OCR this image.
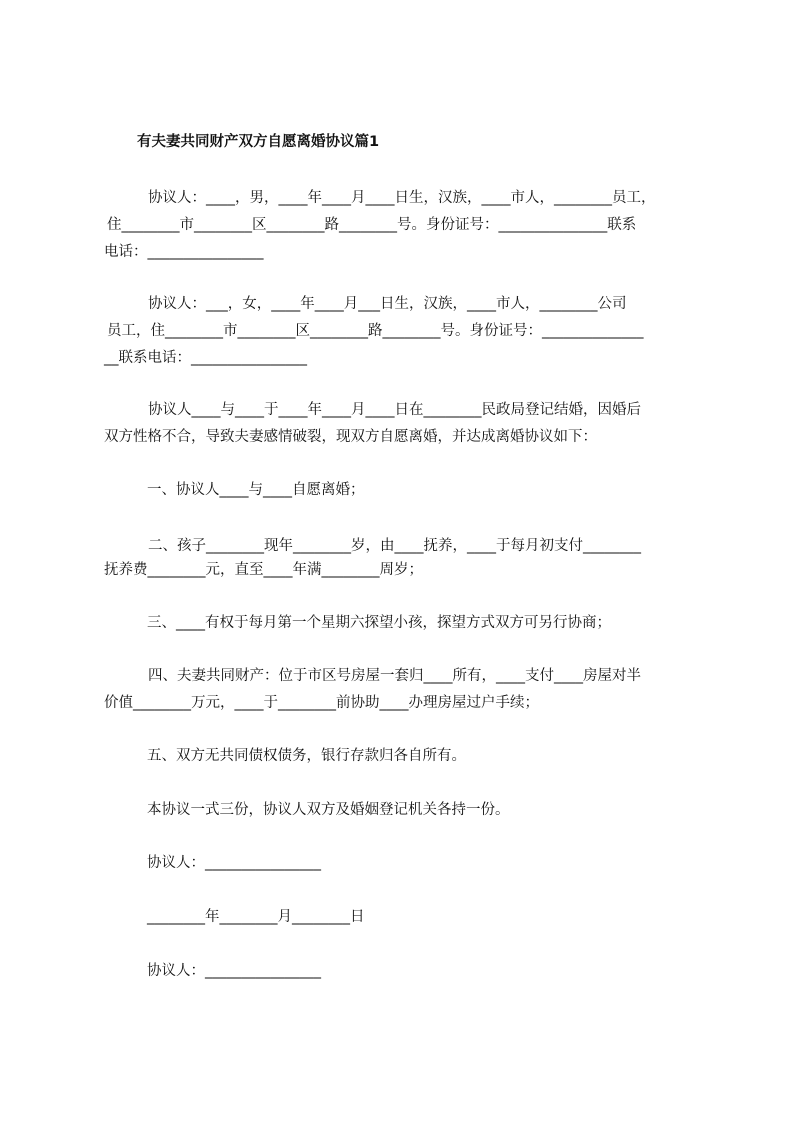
有夫妻共同财产双方自愿离婚协议篇1

协议人：____，男，____年____月____日生，汉族，____市人，________员工，

住________市________区________路________号。身份证号：_______________联系

电话：________________

协议人：___，女，____年____月___日生，汉族，____市人，________公司

员工，住________市________区________路________号。身份证号：______________

__联系电话：________________

协议人____与____于____年____月____日在________民政局登记结婚，因婚后

双方性格不合，导致夫妻感情破裂，现双方自愿离婚，并达成离婚协议如下：

一、协议人____与____自愿离婚；

二、孩子________现年________岁，由____抚养，____于每月初支付________

抚养费________元，直至____年满________周岁；

三、____有权于每月第一个星期六探望小孩，探望方式双方可另行协商；

四、夫妻共同财产：位于市区号房屋一套归____所有，____支付____房屋对半

价值________万元，____于________前协助____办理房屋过户手续；

五、双方无共同债权债务，银行存款归各自所有。

本协议一式三份，协议人双方及婚姻登记机关各持一份。

协议人：________________

________年________月________日

协议人：________________
